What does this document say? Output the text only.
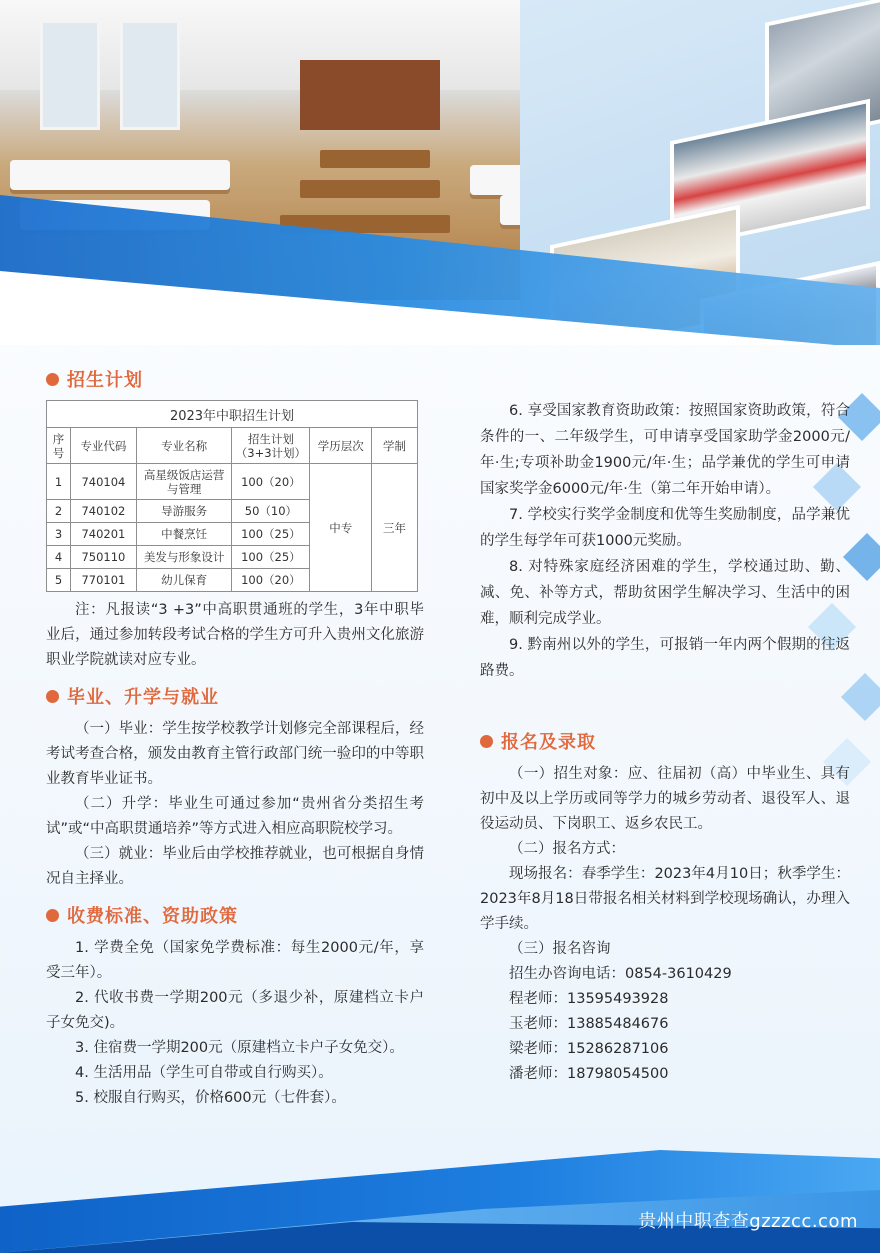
招生计划
2023年中职招生计划					
序号	专业代码	专业名称	招生计划（3+3计划）	学历层次	学制
1	740104	高星级饭店运营与管理	100（20）	中专	三年
2	740102	导游服务	50（10）		
3	740201	中餐烹饪	100（25）		
4	750110	美发与形象设计	100（25）		
5	770101	幼儿保育	100（20）		

注：凡报读“3 +3”中高职贯通班的学生，3年中职毕业后，通过参加转段考试合格的学生方可升入贵州文化旅游职业学院就读对应专业。

毕业、升学与就业

（一）毕业：学生按学校教学计划修完全部课程后，经考试考查合格，颁发由教育主管行政部门统一验印的中等职业教育毕业证书。

（二）升学：毕业生可通过参加“贵州省分类招生考试”或“中高职贯通培养”等方式进入相应高职院校学习。

（三）就业：毕业后由学校推荐就业，也可根据自身情况自主择业。

收费标准、资助政策

1. 学费全免（国家免学费标准：每生2000元/年，享受三年）。

2. 代收书费一学期200元（多退少补，原建档立卡户子女免交)。

3. 住宿费一学期200元（原建档立卡户子女免交）。

4. 生活用品（学生可自带或自行购买）。

5. 校服自行购买，价格600元（七件套）。

6. 享受国家教育资助政策：按照国家资助政策，符合条件的一、二年级学生，可申请享受国家助学金2000元/年·生;专项补助金1900元/年·生；品学兼优的学生可申请国家奖学金6000元/年·生（第二年开始申请）。

7. 学校实行奖学金制度和优等生奖励制度，品学兼优的学生每学年可获1000元奖励。

8. 对特殊家庭经济困难的学生，学校通过助、勤、减、免、补等方式，帮助贫困学生解决学习、生活中的困难，顺利完成学业。

9. 黔南州以外的学生，可报销一年内两个假期的往返路费。

报名及录取

（一）招生对象：应、往届初（高）中毕业生、具有初中及以上学历或同等学力的城乡劳动者、退役军人、退役运动员、下岗职工、返乡农民工。

（二）报名方式：

现场报名：春季学生：2023年4月10日；秋季学生：2023年8月18日带报名相关材料到学校现场确认，办理入学手续。

（三）报名咨询

招生办咨询电话：0854-3610429

程老师：13595493928

玉老师：13885484676

梁老师：15286287106

潘老师：18798054500

贵州中职查查gzzzcc.com
